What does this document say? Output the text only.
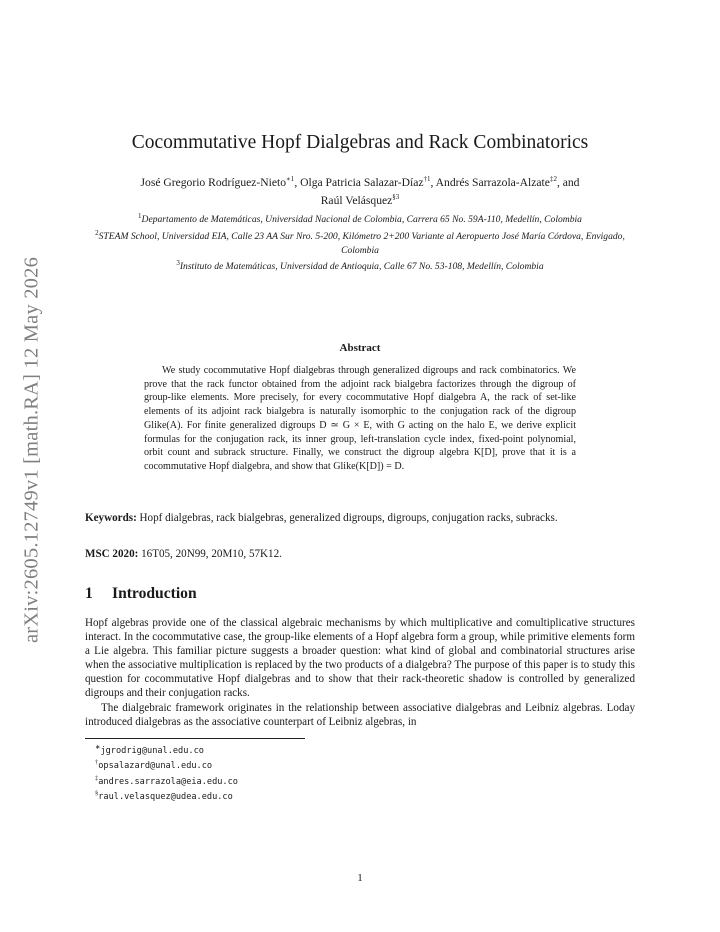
arXiv:2605.12749v1 [math.RA] 12 May 2026
Cocommutative Hopf Dialgebras and Rack Combinatorics
José Gregorio Rodríguez-Nieto$^{∗1}$, Olga Patricia Salazar-Díaz$^{\dagger 1}$, Andrés Sarrazola-Alzate$^{\ddagger 2}$, and
Raúl Velásquez$^{\S 3}$
$^1$Departamento de Matemáticas, Universidad Nacional de Colombia, Carrera 65 No. 59A-110, Medellín, Colombia
$^2$STEAM School, Universidad EIA, Calle 23 AA Sur Nro. 5-200, Kilómetro 2+200 Variante al Aeropuerto José María Córdova, Envigado, Colombia
$^3$Instituto de Matemáticas, Universidad de Antioquia, Calle 67 No. 53-108, Medellín, Colombia
Abstract
We study cocommutative Hopf dialgebras through generalized digroups and rack combinatorics. We prove that the rack functor obtained from the adjoint rack bialgebra factorizes through the digroup of group-like elements. More precisely, for every cocommutative Hopf dialgebra A, the rack of set-like elements of its adjoint rack bialgebra is naturally isomorphic to the conjugation rack of the digroup Glike(A). For finite generalized digroups D ≃ G × E, with G acting on the halo E, we derive explicit formulas for the conjugation rack, its inner group, left-translation cycle index, fixed-point polynomial, orbit count and subrack structure. Finally, we construct the digroup algebra K[D], prove that it is a cocommutative Hopf dialgebra, and show that Glike(K[D]) = D.
Keywords: Hopf dialgebras, rack bialgebras, generalized digroups, digroups, conjugation racks, subracks.
MSC 2020: 16T05, 20N99, 20M10, 57K12.
1 Introduction

Hopf algebras provide one of the classical algebraic mechanisms by which multiplicative and comultiplicative structures interact. In the cocommutative case, the group-like elements of a Hopf algebra form a group, while primitive elements form a Lie algebra. This familiar picture suggests a broader question: what kind of global and combinatorial structures arise when the associative multiplication is replaced by the two products of a dialgebra? The purpose of this paper is to study this question for cocommutative Hopf dialgebras and to show that their rack-theoretic shadow is controlled by generalized digroups and their conjugation racks.

The dialgebraic framework originates in the relationship between associative dialgebras and Leibniz algebras. Loday introduced dialgebras as the associative counterpart of Leibniz algebras, in

∗jgrodrig@unal.edu.co
†opsalazard@unal.edu.co
‡andres.sarrazola@eia.edu.co
§raul.velasquez@udea.edu.co
1
